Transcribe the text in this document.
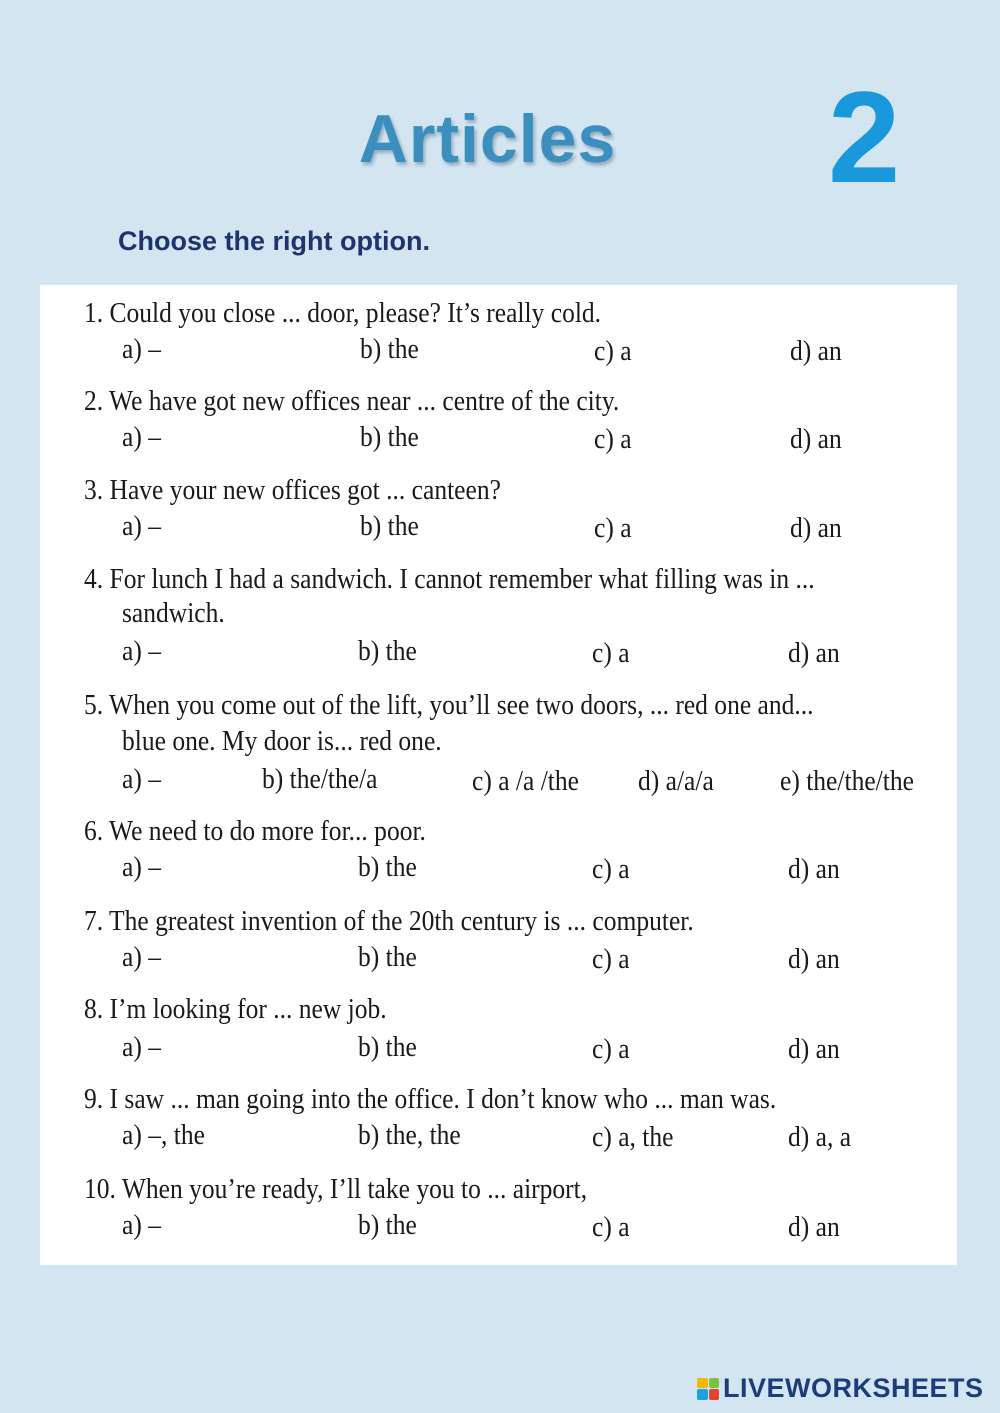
Articles	2
Choose the right option.
1. Could you close ... door, please? It’s really cold.
a) –	b) the	c) a	d) an
2. We have got new offices near ... centre of the city.
a) –	b) the	c) a	d) an
3. Have your new offices got ... canteen?
a) –	b) the	c) a	d) an
4. For lunch I had a sandwich. I cannot remember what filling was in ...
sandwich.
a) –	b) the	c) a	d) an
5. When you come out of the lift, you’ll see two doors, ... red one and...
blue one. My door is... red one.
a) –	b) the/the/a	c) a /a /the d) a/a/a e) the/the/the
6. We need to do more for... poor.
a) –	b) the	c) a	d) an
7. The greatest invention of the 20th century is ... computer.
a) –	b) the	c) a	d) an
8. I’m looking for ... new job.
a) –	b) the	c) a	d) an
9. I saw ... man going into the office. I don’t know who ... man was.
a) –, the	b) the, the	c) a, the	d) a, a
10. When you’re ready, I’ll take you to ... airport,
a) –	b) the	c) a	d) an
LIVEWORKSHEETS
